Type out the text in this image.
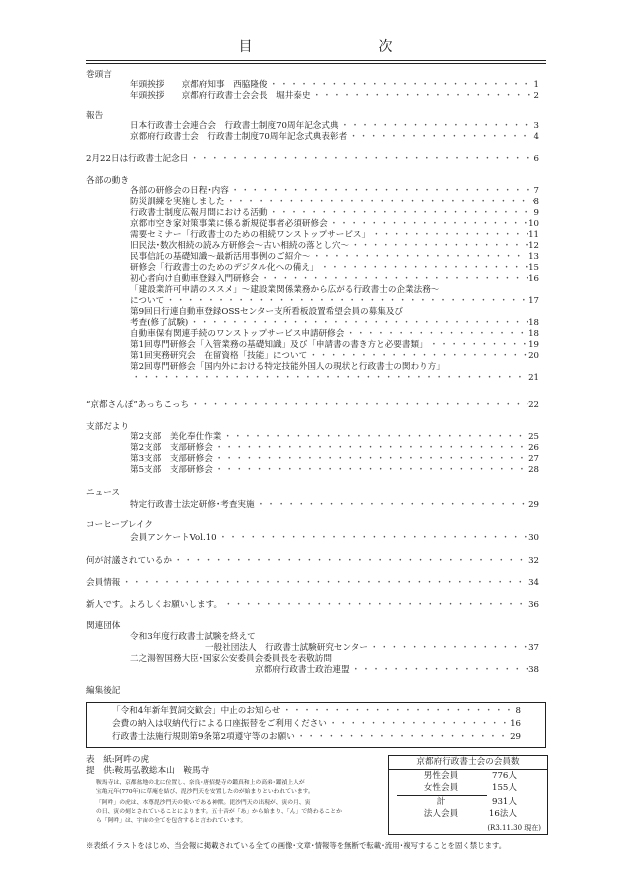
目　次
巻頭言
年頭挨拶　　京都府知事　西脇隆俊 ・・・・・・・・・・・・・・・・・・・・・・・・・・・・・・・・・・・・・・・・・・・・・・・・・・・・・・・・・・・・・・・・・・・・・・・・・・・・・・	1
年頭挨拶　　京都府行政書士会会長　堀井泰史 ・・・・・・・・・・・・・・・・・・・・・・・・・・・・・・・・・・・・・・・・・・・・・・・・・・・・・・・・・・・・・・・・・・・・・・・・・・・・・・	2
報告
日本行政書士会連合会　行政書士制度70周年記念式典 ・・・・・・・・・・・・・・・・・・・・・・・・・・・・・・・・・・・・・・・・・・・・・・・・・・・・・・・・・・・・・・・・・・・・・・・・・・・・・・	3
京都府行政書士会　行政書士制度70周年記念式典表彰者 ・・・・・・・・・・・・・・・・・・・・・・・・・・・・・・・・・・・・・・・・・・・・・・・・・・・・・・・・・・・・・・・・・・・・・・・・・・・・・・	4
2月22日は行政書士記念日 ・・・・・・・・・・・・・・・・・・・・・・・・・・・・・・・・・・・・・・・・・・・・・・・・・・・・・・・・・・・・・・・・・・・・・・・・・・・・・・	6
各部の動き
各部の研修会の日程･内容 ・・・・・・・・・・・・・・・・・・・・・・・・・・・・・・・・・・・・・・・・・・・・・・・・・・・・・・・・・・・・・・・・・・・・・・・・・・・・・・	7
防災訓練を実施しました ・・・・・・・・・・・・・・・・・・・・・・・・・・・・・・・・・・・・・・・・・・・・・・・・・・・・・・・・・・・・・・・・・・・・・・・・・・・・・・	8
行政書士制度広報月間における活動 ・・・・・・・・・・・・・・・・・・・・・・・・・・・・・・・・・・・・・・・・・・・・・・・・・・・・・・・・・・・・・・・・・・・・・・・・・・・・・・	9
京都市空き家対策事業に係る新規従事者必須研修会 ・・・・・・・・・・・・・・・・・・・・・・・・・・・・・・・・・・・・・・・・・・・・・・・・・・・・・・・・・・・・・・・・・・・・・・・・・・・・・・	10
需要セミナー「行政書士のための相続ワンストップサービス」 ・・・・・・・・・・・・・・・・・・・・・・・・・・・・・・・・・・・・・・・・・・・・・・・・・・・・・・・・・・・・・・・・・・・・・・・・・・・・・・	11
旧民法･数次相続の読み方研修会～古い相続の落とし穴～ ・・・・・・・・・・・・・・・・・・・・・・・・・・・・・・・・・・・・・・・・・・・・・・・・・・・・・・・・・・・・・・・・・・・・・・・・・・・・・・	12
民事信託の基礎知識～最新活用事例のご紹介～ ・・・・・・・・・・・・・・・・・・・・・・・・・・・・・・・・・・・・・・・・・・・・・・・・・・・・・・・・・・・・・・・・・・・・・・・・・・・・・・	13
研修会「行政書士のためのデジタル化への備え」 ・・・・・・・・・・・・・・・・・・・・・・・・・・・・・・・・・・・・・・・・・・・・・・・・・・・・・・・・・・・・・・・・・・・・・・・・・・・・・・	15
初心者向け自動車登録入門研修会 ・・・・・・・・・・・・・・・・・・・・・・・・・・・・・・・・・・・・・・・・・・・・・・・・・・・・・・・・・・・・・・・・・・・・・・・・・・・・・・	16
「建設業許可申請のススメ」～建設業関係業務から広がる行政書士の企業法務～
について ・・・・・・・・・・・・・・・・・・・・・・・・・・・・・・・・・・・・・・・・・・・・・・・・・・・・・・・・・・・・・・・・・・・・・・・・・・・・・・	17
第9回日行連自動車登録OSSセンター支所看板設置希望会員の募集及び
考査(修了試験) ・・・・・・・・・・・・・・・・・・・・・・・・・・・・・・・・・・・・・・・・・・・・・・・・・・・・・・・・・・・・・・・・・・・・・・・・・・・・・・	18
自動車保有関連手続のワンストップサービス申請研修会 ・・・・・・・・・・・・・・・・・・・・・・・・・・・・・・・・・・・・・・・・・・・・・・・・・・・・・・・・・・・・・・・・・・・・・・・・・・・・・・	18
第1回専門研修会「入管業務の基礎知識」及び「申請書の書き方と必要書類」 ・・・・・・・・・・・・・・・・・・・・・・・・・・・・・・・・・・・・・・・・・・・・・・・・・・・・・・・・・・・・・・・・・・・・・・・・・・・・・・	19
第1回実務研究会　在留資格「技能」について ・・・・・・・・・・・・・・・・・・・・・・・・・・・・・・・・・・・・・・・・・・・・・・・・・・・・・・・・・・・・・・・・・・・・・・・・・・・・・・	20
第2回専門研修会「国内外における特定技能外国人の現状と行政書士の関わり方」
・・・・・・・・・・・・・・・・・・・・・・・・・・・・・・・・・・・・・・・・・・・・・・・・・・・・・・・・・・・・・・・・・・・・・・・・・・・・・・
21
“京都さんぽ”あっちこっち ・・・・・・・・・・・・・・・・・・・・・・・・・・・・・・・・・・・・・・・・・・・・・・・・・・・・・・・・・・・・・・・・・・・・・・・・・・・・・・	22
支部だより
第2支部　美化奉仕作業 ・・・・・・・・・・・・・・・・・・・・・・・・・・・・・・・・・・・・・・・・・・・・・・・・・・・・・・・・・・・・・・・・・・・・・・・・・・・・・・	25
第2支部　支部研修会 ・・・・・・・・・・・・・・・・・・・・・・・・・・・・・・・・・・・・・・・・・・・・・・・・・・・・・・・・・・・・・・・・・・・・・・・・・・・・・・	26
第3支部　支部研修会 ・・・・・・・・・・・・・・・・・・・・・・・・・・・・・・・・・・・・・・・・・・・・・・・・・・・・・・・・・・・・・・・・・・・・・・・・・・・・・・	27
第5支部　支部研修会 ・・・・・・・・・・・・・・・・・・・・・・・・・・・・・・・・・・・・・・・・・・・・・・・・・・・・・・・・・・・・・・・・・・・・・・・・・・・・・・	28
ニュース
特定行政書士法定研修･考査実施 ・・・・・・・・・・・・・・・・・・・・・・・・・・・・・・・・・・・・・・・・・・・・・・・・・・・・・・・・・・・・・・・・・・・・・・・・・・・・・・	29
コーヒーブレイク
会員アンケートVol.10 ・・・・・・・・・・・・・・・・・・・・・・・・・・・・・・・・・・・・・・・・・・・・・・・・・・・・・・・・・・・・・・・・・・・・・・・・・・・・・・	30
何が討議されているか ・・・・・・・・・・・・・・・・・・・・・・・・・・・・・・・・・・・・・・・・・・・・・・・・・・・・・・・・・・・・・・・・・・・・・・・・・・・・・・	32
会員情報 ・・・・・・・・・・・・・・・・・・・・・・・・・・・・・・・・・・・・・・・・・・・・・・・・・・・・・・・・・・・・・・・・・・・・・・・・・・・・・・	34
新人です。よろしくお願いします。 ・・・・・・・・・・・・・・・・・・・・・・・・・・・・・・・・・・・・・・・・・・・・・・・・・・・・・・・・・・・・・・・・・・・・・・・・・・・・・・	36
関連団体
令和3年度行政書士試験を終えて
一般社団法人　行政書士試験研究センター ・・・・・・・・・・・・・・・・・・・・・・・・・・・・・・・・・・・・・・・・・・・・・・・・・・・・・・・・・・・・・・・・・・・・・・・・・・・・・・	37
二之湯智国務大臣･国家公安委員会委員長を表敬訪問
京都府行政書士政治連盟 ・・・・・・・・・・・・・・・・・・・・・・・・・・・・・・・・・・・・・・・・・・・・・・・・・・・・・・・・・・・・・・・・・・・・・・・・・・・・・・	38
編集後記
「令和4年新年賀詞交歓会」中止のお知らせ ・・・・・・・・・・・・・・・・・・・・・・・・・・・・・・・・・・・・・・・・・・・・・・・・・・・・・・・・・・・・・・・・・・・・・・・・・・・・・・	8
会費の納入は収納代行による口座振替をご利用ください ・・・・・・・・・・・・・・・・・・・・・・・・・・・・・・・・・・・・・・・・・・・・・・・・・・・・・・・・・・・・・・・・・・・・・・・・・・・・・・	16
行政書士法施行規則第9条第2項遵守等のお願い ・・・・・・・・・・・・・・・・・・・・・・・・・・・・・・・・・・・・・・・・・・・・・・・・・・・・・・・・・・・・・・・・・・・・・・・・・・・・・・	29
表　紙:阿吽の虎
提　供:鞍馬弘教総本山　鞍馬寺
鞍馬寺は、京都盆地の北に位置し、奈良･唐招提寺の鑑真和上の高弟･鑑禎上人が
宝亀元年(770年)に草庵を結び、毘沙門天を安置したのが始まりといわれています。
「阿吽」の虎は、本尊毘沙門天の使いである神獣。毘沙門天の出現が、寅の月、寅
の日、寅の刻とされていることによります。五十音が「あ」から始まり、「ん」で終わることか
ら「阿吽」は、宇宙の全てを包含すると言われています。
京都府行政書士会の会員数
男性会員	776人
女性会員	155人
計	931人
法人会員	16法人
(R3.11.30 現在)
※表紙イラストをはじめ、当会報に掲載されている全ての画像･文章･情報等を無断で転載･流用･複写することを固く禁じます。
